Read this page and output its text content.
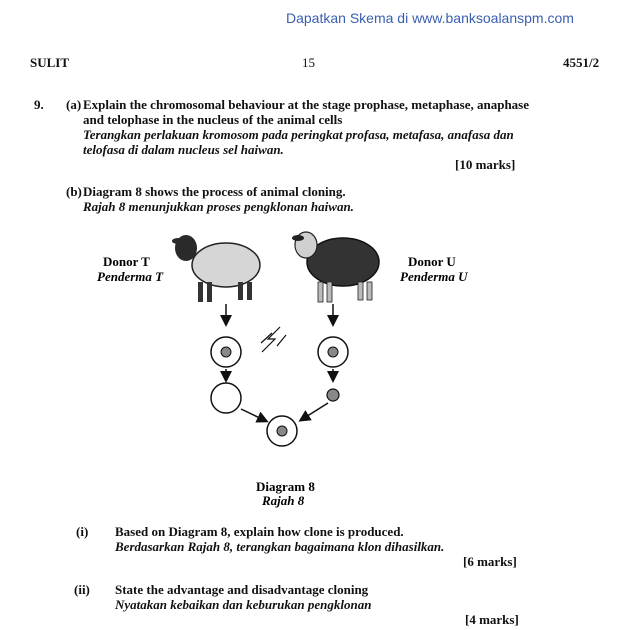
Dapatkan Skema di www.banksoalanspm.com
SULIT	15	4551/2
9. (a) Explain the chromosomal behaviour at the stage prophase, metaphase, anaphase
and telophase in the nucleus of the animal cells
Terangkan perlakuan kromosom pada peringkat profasa, metafasa, anafasa dan
telofasa di dalam nucleus sel haiwan.
[10 marks]
(b) Diagram 8 shows the process of animal cloning.
Rajah 8 menunjukkan proses pengklonan haiwan.
Donor T
Penderma T
Donor U
Penderma U
Diagram 8
Rajah 8
(i) Based on Diagram 8, explain how clone is produced.
Berdasarkan Rajah 8, terangkan bagaimana klon dihasilkan.
[6 marks]
(ii) State the advantage and disadvantage cloning
Nyatakan kebaikan dan keburukan pengklonan
[4 marks]
